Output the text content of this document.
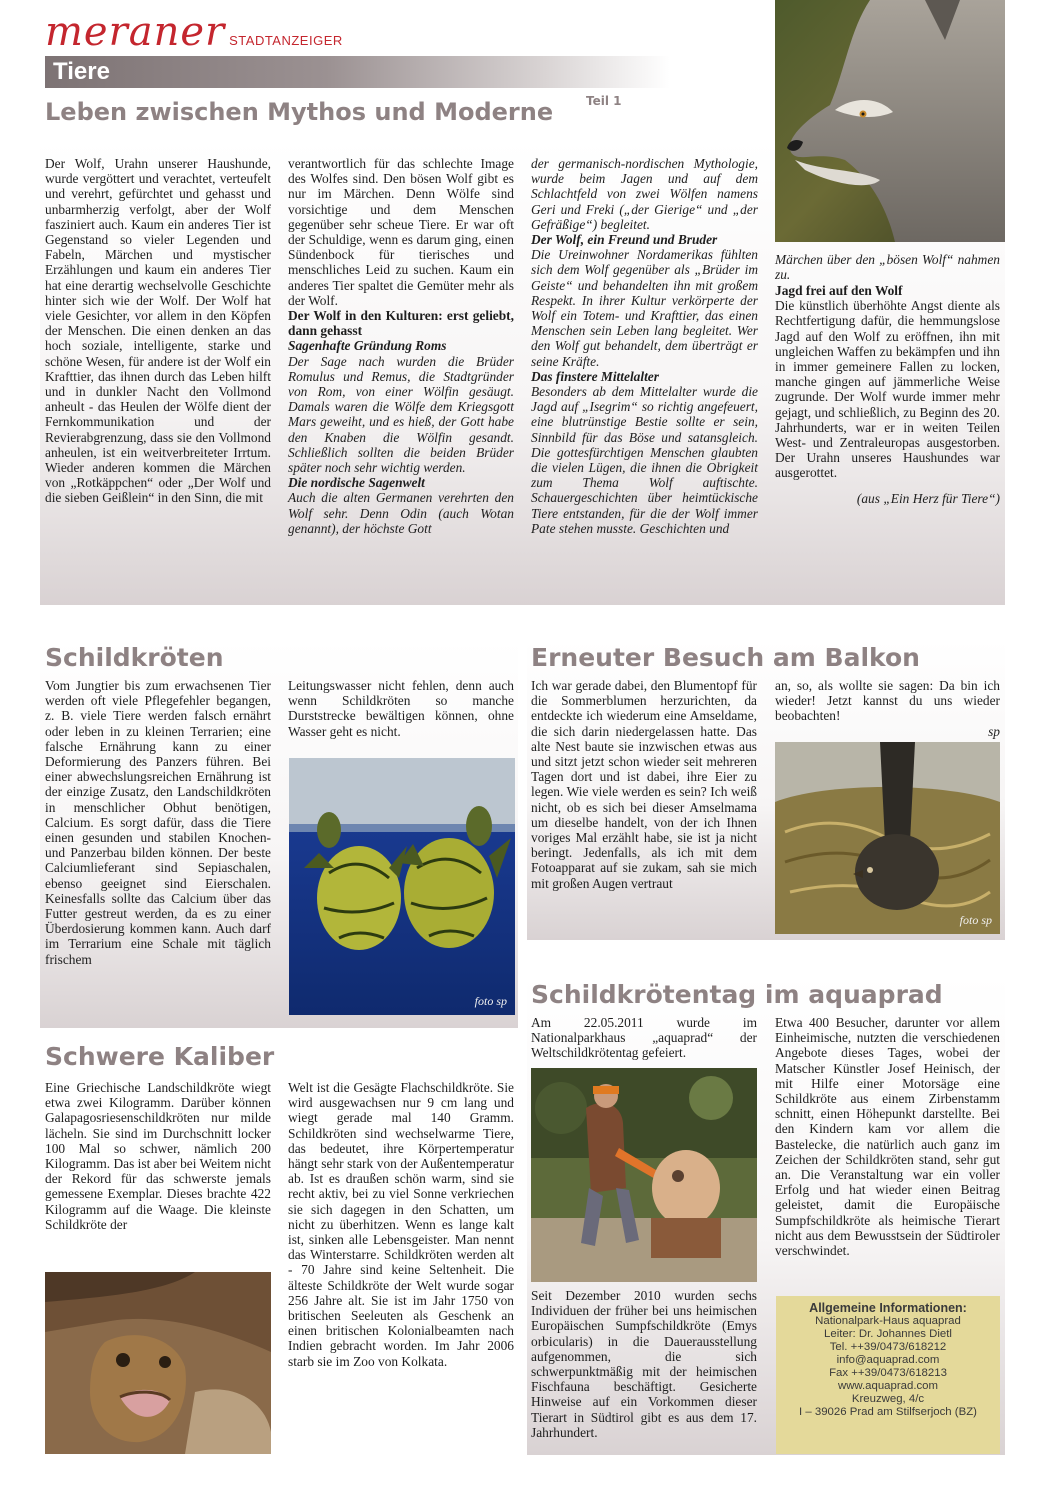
meraner STADTANZEIGER
Tiere
Leben zwischen Mythos und Moderne	Teil 1

Der Wolf, Urahn unserer Haushunde, wurde vergöttert und verachtet, verteufelt und verehrt, gefürchtet und gehasst und unbarmherzig verfolgt, aber der Wolf fasziniert auch. Kaum ein anderes Tier ist Gegenstand so vieler Legenden und Fabeln, Märchen und mystischer Erzählungen und kaum ein anderes Tier hat eine derartig wechselvolle Geschichte hinter sich wie der Wolf. Der Wolf hat viele Gesichter, vor allem in den Köpfen der Menschen. Die einen denken an das hoch soziale, intelligente, starke und schöne Wesen, für andere ist der Wolf ein Krafttier, das ihnen durch das Leben hilft und in dunkler Nacht den Vollmond anheult - das Heulen der Wölfe dient der Fernkommunikation und der Revierabgrenzung, dass sie den Vollmond anheulen, ist ein weitverbreiteter Irrtum. Wieder anderen kommen die Märchen von „Rotkäppchen“ oder „Der Wolf und die sieben Geißlein“ in den Sinn, die mit

verantwortlich für das schlechte Image des Wolfes sind. Den bösen Wolf gibt es nur im Märchen. Denn Wölfe sind vorsichtige und dem Menschen gegenüber sehr scheue Tiere. Er war oft der Schuldige, wenn es darum ging, einen Sündenbock für tierisches und menschliches Leid zu suchen. Kaum ein anderes Tier spaltet die Gemüter mehr als der Wolf.

Der Wolf in den Kulturen: erst geliebt, dann gehasst

Sagenhafte Gründung Roms

Der Sage nach wurden die Brüder Romulus und Remus, die Stadtgründer von Rom, von einer Wölfin gesäugt. Damals waren die Wölfe dem Kriegsgott Mars geweiht, und es hieß, der Gott habe den Knaben die Wölfin gesandt. Schließlich sollten die beiden Brüder später noch sehr wichtig werden.

Die nordische Sagenwelt

Auch die alten Germanen verehrten den Wolf sehr. Denn Odin (auch Wotan genannt), der höchste Gott

der germanisch-nordischen Mythologie, wurde beim Jagen und auf dem Schlachtfeld von zwei Wölfen namens Geri und Freki („der Gierige“ und „der Gefräßige“) begleitet.

Der Wolf, ein Freund und Bruder

Die Ureinwohner Nordamerikas fühlten sich dem Wolf gegenüber als „Brüder im Geiste“ und behandelten ihn mit großem Respekt. In ihrer Kultur verkörperte der Wolf ein Totem- und Krafttier, das einen Menschen sein Leben lang begleitet. Wer den Wolf gut behandelt, dem überträgt er seine Kräfte.

Das finstere Mittelalter

Besonders ab dem Mittelalter wurde die Jagd auf „Isegrim“ so richtig angefeuert, eine blutrünstige Bestie sollte er sein, Sinnbild für das Böse und satansgleich. Die gottesfürchtigen Menschen glaubten die vielen Lügen, die ihnen die Obrigkeit zum Thema Wolf auftischte. Schauergeschichten über heimtückische Tiere entstanden, für die der Wolf immer Pate stehen musste. Geschichten und

Märchen über den „bösen Wolf“ nahmen zu.

Jagd frei auf den Wolf

Die künstlich überhöhte Angst diente als Rechtfertigung dafür, die hemmungslose Jagd auf den Wolf zu eröffnen, ihn mit ungleichen Waffen zu bekämpfen und ihn in immer gemeinere Fallen zu locken, manche gingen auf jämmerliche Weise zugrunde. Der Wolf wurde immer mehr gejagt, und schließlich, zu Beginn des 20. Jahrhunderts, war er in weiten Teilen West- und Zentraleuropas ausgestorben. Der Urahn unseres Haushundes war ausgerottet.

(aus „Ein Herz für Tiere“)

Schildkröten

Vom Jungtier bis zum erwachsenen Tier werden oft viele Pflegefehler begangen, z. B. viele Tiere werden falsch ernährt oder leben in zu kleinen Terrarien; eine falsche Ernährung kann zu einer Deformierung des Panzers führen. Bei einer abwechslungsreichen Ernährung ist der einzige Zusatz, den Landschildkröten in menschlicher Obhut benötigen, Calcium. Es sorgt dafür, dass die Tiere einen gesunden und stabilen Knochen- und Panzerbau bilden können. Der beste Calciumlieferant sind Sepiaschalen, ebenso geeignet sind Eierschalen. Keinesfalls sollte das Calcium über das Futter gestreut werden, da es zu einer Überdosierung kommen kann. Auch darf im Terrarium eine Schale mit täglich frischem

Leitungswasser nicht fehlen, denn auch wenn Schildkröten so manche Durststrecke bewältigen können, ohne Wasser geht es nicht.

foto sp
Erneuter Besuch am Balkon

Ich war gerade dabei, den Blumentopf für die Sommerblumen herzurichten, da entdeckte ich wiederum eine Amseldame, die sich darin niedergelassen hatte. Das alte Nest baute sie inzwischen etwas aus und sitzt jetzt schon wieder seit mehreren Tagen dort und ist dabei, ihre Eier zu legen. Wie viele werden es sein? Ich weiß nicht, ob es sich bei dieser Amselmama um dieselbe handelt, von der ich Ihnen voriges Mal erzählt habe, sie ist ja nicht beringt. Jedenfalls, als ich mit dem Fotoapparat auf sie zukam, sah sie mich mit großen Augen vertraut

an, so, als wollte sie sagen: Da bin ich wieder! Jetzt kannst du uns wieder beobachten!

sp

foto sp
Schwere Kaliber

Eine Griechische Landschildkröte wiegt etwa zwei Kilogramm. Darüber können Galapagosriesenschildkröten nur milde lächeln. Sie sind im Durchschnitt locker 100 Mal so schwer, nämlich 200 Kilogramm. Das ist aber bei Weitem nicht der Rekord für das schwerste jemals gemessene Exemplar. Dieses brachte 422 Kilogramm auf die Waage. Die kleinste Schildkröte der

Welt ist die Gesägte Flachschildkröte. Sie wird ausgewachsen nur 9 cm lang und wiegt gerade mal 140 Gramm. Schildkröten sind wechselwarme Tiere, das bedeutet, ihre Körpertemperatur hängt sehr stark von der Außentemperatur ab. Ist es draußen schön warm, sind sie recht aktiv, bei zu viel Sonne verkriechen sie sich dagegen in den Schatten, um nicht zu überhitzen. Wenn es lange kalt ist, sinken alle Lebensgeister. Man nennt das Winterstarre. Schildkröten werden alt - 70 Jahre sind keine Seltenheit. Die älteste Schildkröte der Welt wurde sogar 256 Jahre alt. Sie ist im Jahr 1750 von britischen Seeleuten als Geschenk an einen britischen Kolonialbeamten nach Indien gebracht worden. Im Jahr 2006 starb sie im Zoo von Kolkata.

Schildkrötentag im aquaprad

Am 22.05.2011 wurde im Nationalparkhaus „aquaprad“ der Weltschildkrötentag gefeiert.

Seit Dezember 2010 wurden sechs Individuen der früher bei uns heimischen Europäischen Sumpfschildkröte (Emys orbicularis) in die Dauerausstellung aufgenommen, die sich schwerpunktmäßig mit der heimischen Fischfauna beschäftigt. Gesicherte Hinweise auf ein Vorkommen dieser Tierart in Südtirol gibt es aus dem 17. Jahrhundert.

Etwa 400 Besucher, darunter vor allem Einheimische, nutzten die verschiedenen Angebote dieses Tages, wobei der Matscher Künstler Josef Heinisch, der mit Hilfe einer Motorsäge eine Schildkröte aus einem Zirbenstamm schnitt, einen Höhepunkt darstellte. Bei den Kindern kam vor allem die Bastelecke, die natürlich auch ganz im Zeichen der Schildkröten stand, sehr gut an. Die Veranstaltung war ein voller Erfolg und hat wieder einen Beitrag geleistet, damit die Europäische Sumpfschildkröte als heimische Tierart nicht aus dem Bewusstsein der Südtiroler verschwindet.

Allgemeine Informationen:
Nationalpark-Haus aquaprad
Leiter: Dr. Johannes Dietl
Tel. ++39/0473/618212
info@aquaprad.com
Fax ++39/0473/618213
www.aquaprad.com
Kreuzweg, 4/c
I – 39026 Prad am Stilfserjoch (BZ)
